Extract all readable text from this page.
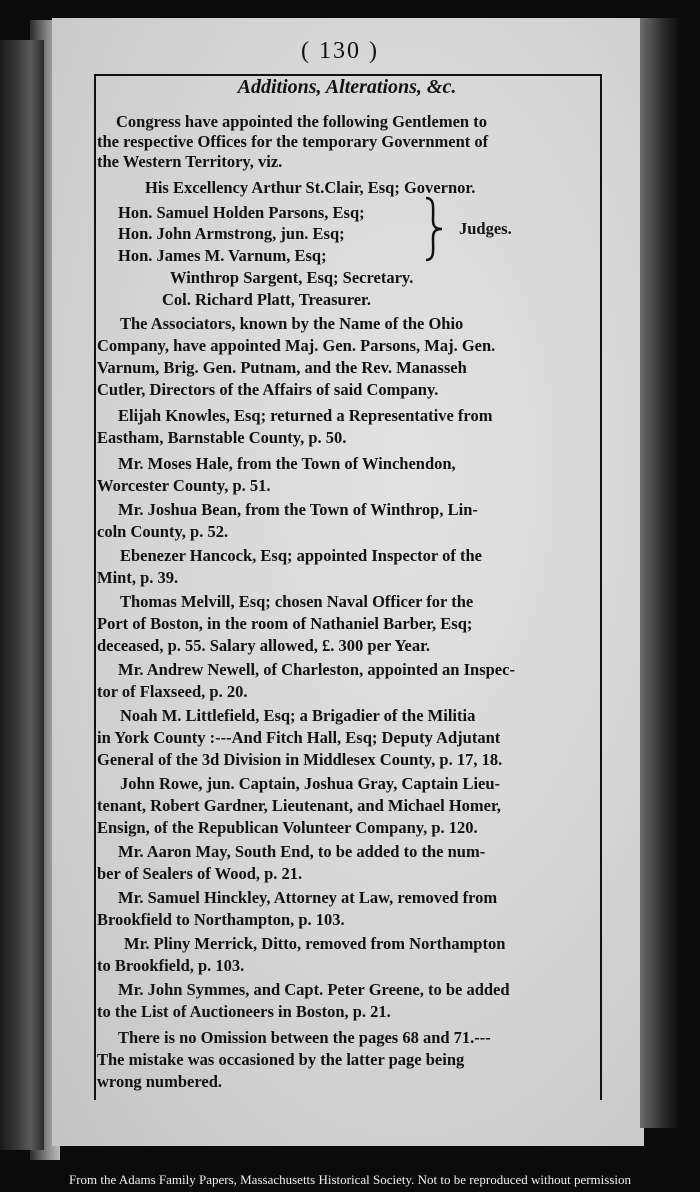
( 130 )
Additions, Alterations, &c.
Congress have appointed the following Gentlemen to
the respective Offices for the temporary Government of
the Western Territory, viz.
His Excellency Arthur St.Clair, Esq; Governor.
Hon. Samuel Holden Parsons, Esq;
Hon. John Armstrong, jun. Esq;
Hon. James M. Varnum, Esq;
Winthrop Sargent, Esq; Secretary.
Col. Richard Platt, Treasurer.
The Associators, known by the Name of the Ohio
Company, have appointed Maj. Gen. Parsons, Maj. Gen.
Varnum, Brig. Gen. Putnam, and the Rev. Manasseh
Cutler, Directors of the Affairs of said Company.
Elijah Knowles, Esq; returned a Representative from
Eastham, Barnstable County, p. 50.
Mr. Moses Hale, from the Town of Winchendon,
Worcester County, p. 51.
Mr. Joshua Bean, from the Town of Winthrop, Lin-
coln County, p. 52.
Ebenezer Hancock, Esq; appointed Inspector of the
Mint, p. 39.
Thomas Melvill, Esq; chosen Naval Officer for the
Port of Boston, in the room of Nathaniel Barber, Esq;
deceased, p. 55. Salary allowed, £. 300 per Year.
Mr. Andrew Newell, of Charleston, appointed an Inspec-
tor of Flaxseed, p. 20.
Noah M. Littlefield, Esq; a Brigadier of the Militia
in York County :---And Fitch Hall, Esq; Deputy Adjutant
General of the 3d Division in Middlesex County, p. 17, 18.
John Rowe, jun. Captain, Joshua Gray, Captain Lieu-
tenant, Robert Gardner, Lieutenant, and Michael Homer,
Ensign, of the Republican Volunteer Company, p. 120.
Mr. Aaron May, South End, to be added to the num-
ber of Sealers of Wood, p. 21.
Mr. Samuel Hinckley, Attorney at Law, removed from
Brookfield to Northampton, p. 103.
Mr. Pliny Merrick, Ditto, removed from Northampton
to Brookfield, p. 103.
Mr. John Symmes, and Capt. Peter Greene, to be added
to the List of Auctioneers in Boston, p. 21.
There is no Omission between the pages 68 and 71.---
The mistake was occasioned by the latter page being
wrong numbered.
Judges.
From the Adams Family Papers, Massachusetts Historical Society. Not to be reproduced without permission
